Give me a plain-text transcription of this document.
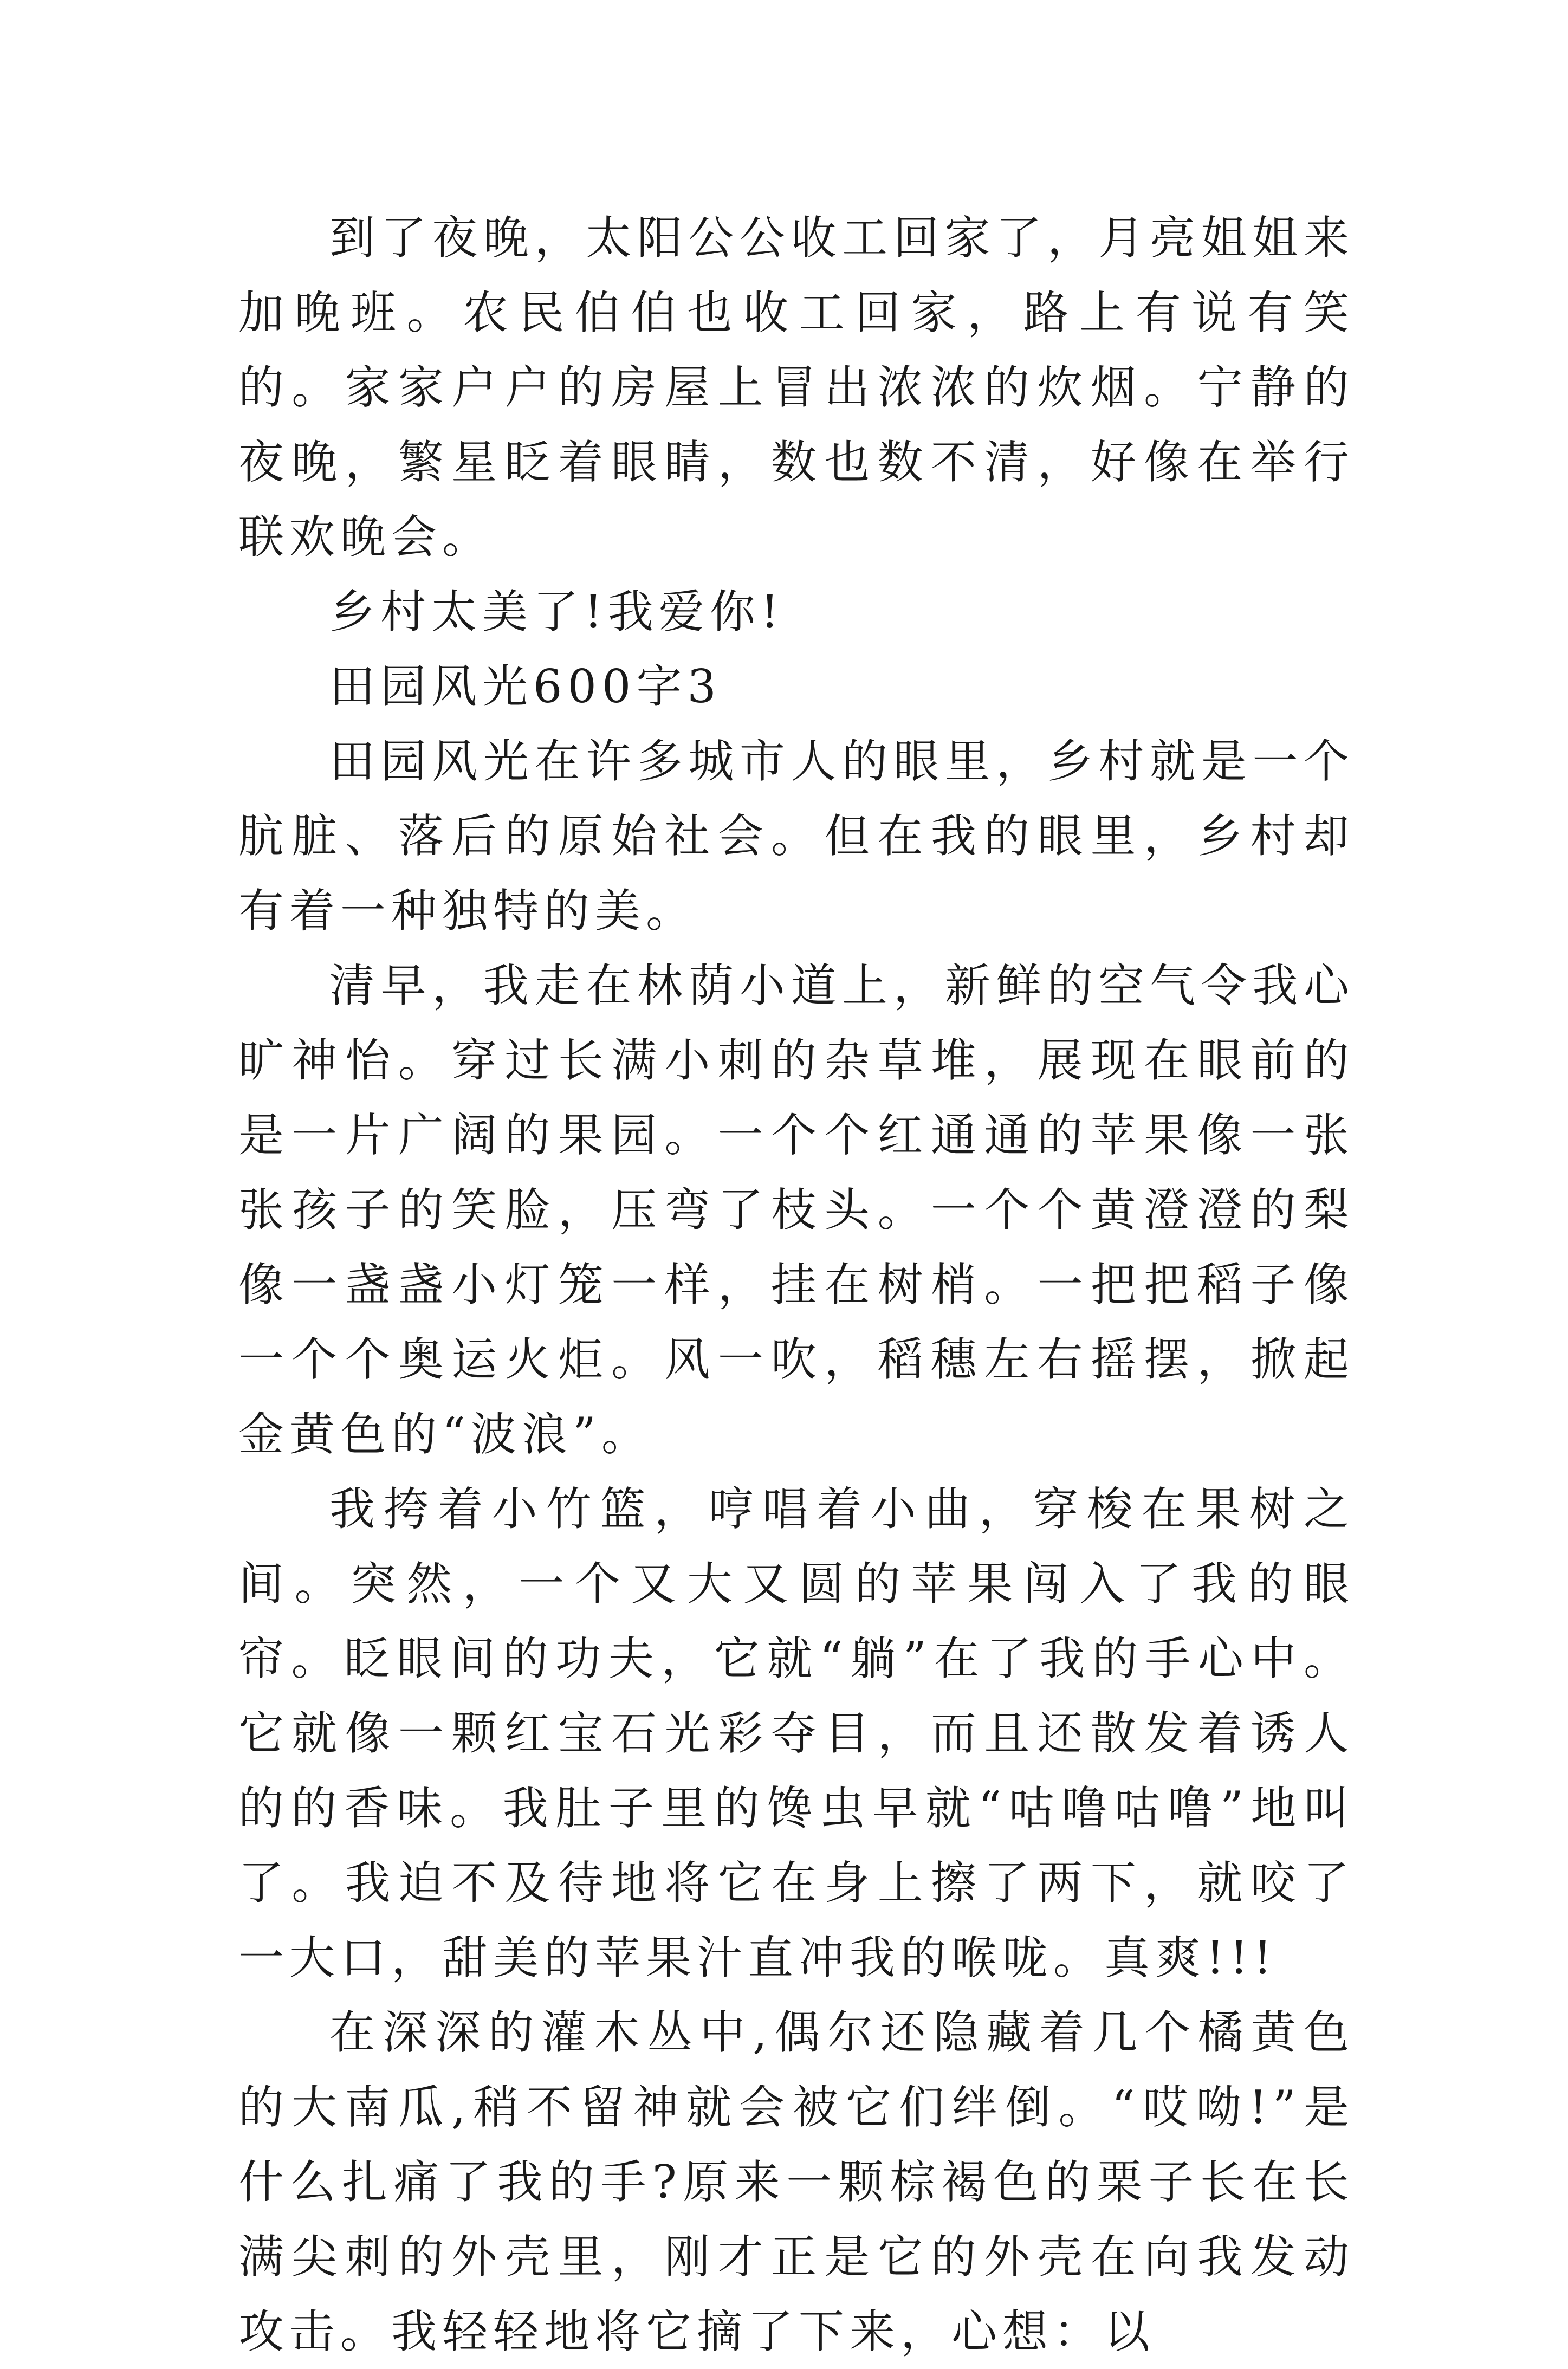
到了夜晚，太阳公公收工回家了，月亮姐姐来加晚班。农民伯伯也收工回家，路上有说有笑的。家家户户的房屋上冒出浓浓的炊烟。宁静的夜晚，繁星眨着眼睛，数也数不清，好像在举行联欢晚会。

乡村太美了!我爱你!

田园风光600字3

田园风光在许多城市人的眼里，乡村就是一个肮脏、落后的原始社会。但在我的眼里，乡村却有着一种独特的美。

清早，我走在林荫小道上，新鲜的空气令我心旷神怡。穿过长满小刺的杂草堆，展现在眼前的是一片广阔的果园。一个个红通通的苹果像一张张孩子的笑脸，压弯了枝头。一个个黄澄澄的梨像一盏盏小灯笼一样，挂在树梢。一把把稻子像一个个奥运火炬。风一吹，稻穗左右摇摆，掀起金黄色的“波浪”。

我挎着小竹篮，哼唱着小曲，穿梭在果树之间。突然，一个又大又圆的苹果闯入了我的眼帘。眨眼间的功夫，它就“躺”在了我的手心中。它就像一颗红宝石光彩夺目，而且还散发着诱人的的香味。我肚子里的馋虫早就“咕噜咕噜”地叫了。我迫不及待地将它在身上擦了两下，就咬了一大口，甜美的苹果汁直冲我的喉咙。真爽!!!

在深深的灌木丛中,偶尔还隐藏着几个橘黄色的大南瓜,稍不留神就会被它们绊倒。“哎呦!”是什么扎痛了我的手?原来一颗棕褐色的栗子长在长满尖刺的外壳里，刚才正是它的外壳在向我发动攻击。我轻轻地将它摘了下来，心想：以
